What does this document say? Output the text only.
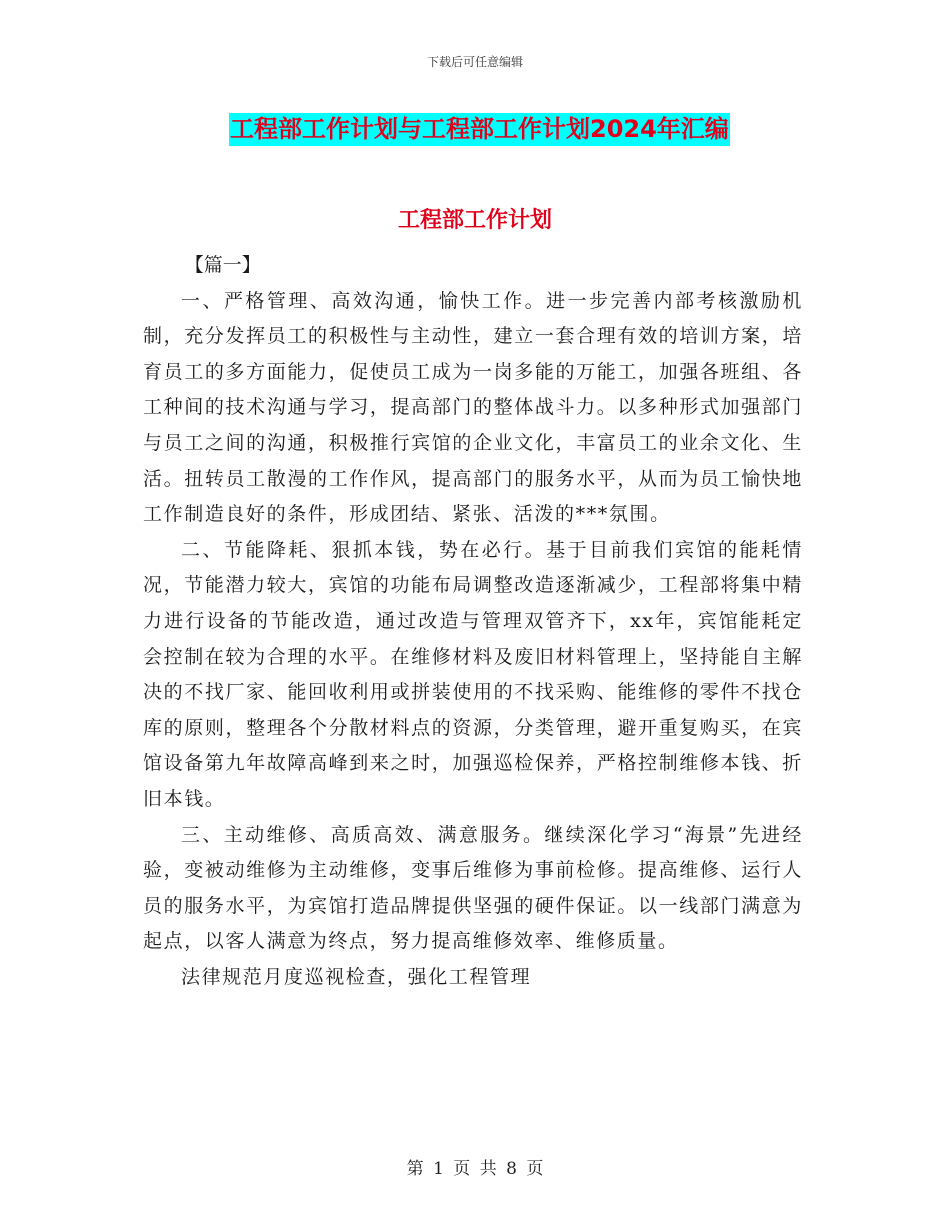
下载后可任意编辑
工程部工作计划与工程部工作计划2024年汇编
工程部工作计划

【篇一】

一、严格管理、高效沟通，愉快工作。进一步完善内部考核激励机制，充分发挥员工的积极性与主动性，建立一套合理有效的培训方案，培育员工的多方面能力，促使员工成为一岗多能的万能工，加强各班组、各工种间的技术沟通与学习，提高部门的整体战斗力。以多种形式加强部门与员工之间的沟通，积极推行宾馆的企业文化，丰富员工的业余文化、生活。扭转员工散漫的工作作风，提高部门的服务水平，从而为员工愉快地工作制造良好的条件，形成团结、紧张、活泼的***氛围。

二、节能降耗、狠抓本钱，势在必行。基于目前我们宾馆的能耗情况，节能潜力较大，宾馆的功能布局调整改造逐渐减少，工程部将集中精力进行设备的节能改造，通过改造与管理双管齐下，xx年，宾馆能耗定会控制在较为合理的水平。在维修材料及废旧材料管理上，坚持能自主解决的不找厂家、能回收利用或拼装使用的不找采购、能维修的零件不找仓库的原则，整理各个分散材料点的资源，分类管理，避开重复购买，在宾馆设备第九年故障高峰到来之时，加强巡检保养，严格控制维修本钱、折旧本钱。

三、主动维修、高质高效、满意服务。继续深化学习“海景”先进经验，变被动维修为主动维修，变事后维修为事前检修。提高维修、运行人员的服务水平，为宾馆打造品牌提供坚强的硬件保证。以一线部门满意为起点，以客人满意为终点，努力提高维修效率、维修质量。

法律规范月度巡视检查，强化工程管理

第 1 页 共 8 页
